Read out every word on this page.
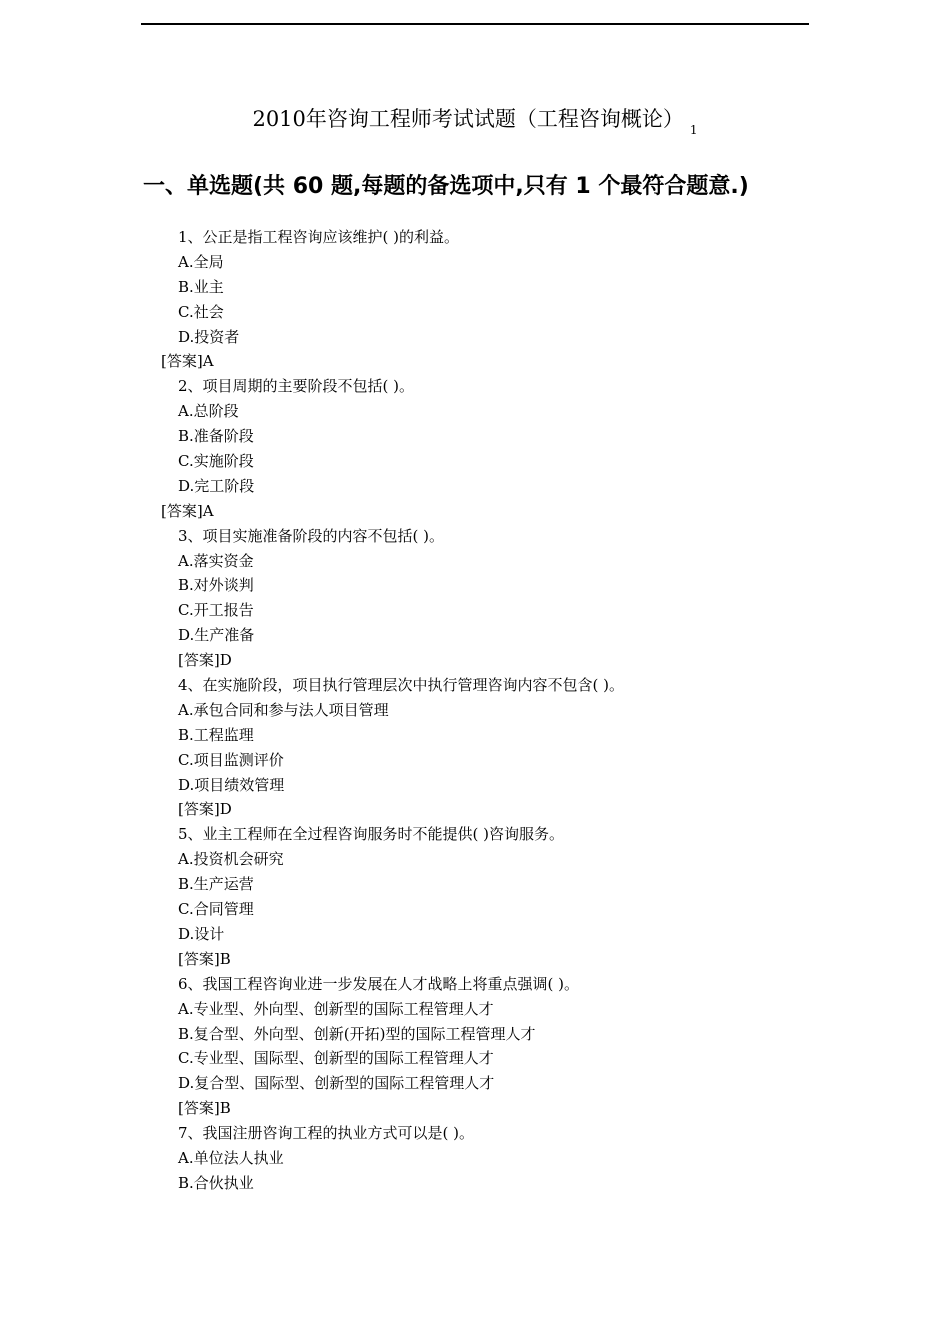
2010年咨询工程师考试试题（工程咨询概论） $_1$
一、单选题(共 60 题,每题的备选项中,只有 1 个最符合题意.)
1、公正是指工程咨询应该维护( )的利益。
A.全局
B.业主
C.社会
D.投资者
[答案]A
2、项目周期的主要阶段不包括( )。
A.总阶段
B.准备阶段
C.实施阶段
D.完工阶段
[答案]A
3、项目实施准备阶段的内容不包括( )。
A.落实资金
B.对外谈判
C.开工报告
D.生产准备
[答案]D
4、在实施阶段，项目执行管理层次中执行管理咨询内容不包含( )。
A.承包合同和参与法人项目管理
B.工程监理
C.项目监测评价
D.项目绩效管理
[答案]D
5、业主工程师在全过程咨询服务时不能提供( )咨询服务。
A.投资机会研究
B.生产运营
C.合同管理
D.设计
[答案]B
6、我国工程咨询业进一步发展在人才战略上将重点强调( )。
A.专业型、外向型、创新型的国际工程管理人才
B.复合型、外向型、创新(开拓)型的国际工程管理人才
C.专业型、国际型、创新型的国际工程管理人才
D.复合型、国际型、创新型的国际工程管理人才
[答案]B
7、我国注册咨询工程的执业方式可以是( )。
A.单位法人执业
B.合伙执业
